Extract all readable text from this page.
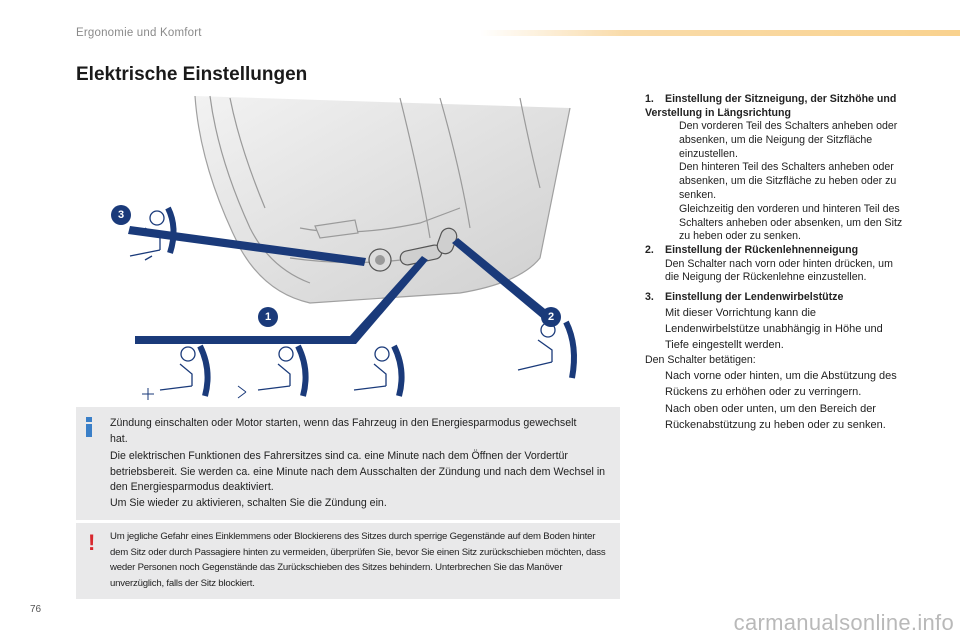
Ergonomie und Komfort
Elektrische Einstellungen
3
1	2
Zündung einschalten oder Motor starten, wenn das Fahrzeug in den Energiesparmodus gewechselt hat.
Die elektrischen Funktionen des Fahrersitzes sind ca. eine Minute nach dem Öffnen der Vordertür betriebsbereit. Sie werden ca. eine Minute nach dem Ausschalten der Zündung und nach dem Wechsel in den Energiesparmodus deaktiviert.
Um Sie wieder zu aktivieren, schalten Sie die Zündung ein.
! Um jegliche Gefahr eines Einklemmens oder Blockierens des Sitzes durch sperrige Gegenstände auf dem Boden hinter dem Sitz oder durch Passagiere hinten zu vermeiden, überprüfen Sie, bevor Sie einen Sitz zurückschieben möchten, dass weder Personen noch Gegenstände das Zurückschieben des Sitzes behindern. Unterbrechen Sie das Manöver unverzüglich, falls der Sitz blockiert.
1. Einstellung der Sitzneigung, der Sitzhöhe und Verstellung in Längsrichtung
Den vorderen Teil des Schalters anheben oder absenken, um die Neigung der Sitzfläche einzustellen.
Den hinteren Teil des Schalters anheben oder absenken, um die Sitzfläche zu heben oder zu senken.
Gleichzeitig den vorderen und hinteren Teil des Schalters anheben oder absenken, um den Sitz zu heben oder zu senken.
2. Einstellung der Rückenlehnenneigung
Den Schalter nach vorn oder hinten drücken, um die Neigung der Rückenlehne einzustellen.
3. Einstellung der Lendenwirbelstütze
Mit dieser Vorrichtung kann die Lendenwirbelstütze unabhängig in Höhe und Tiefe eingestellt werden.
Den Schalter betätigen:
Nach vorne oder hinten, um die Abstützung des Rückens zu erhöhen oder zu verringern.
Nach oben oder unten, um den Bereich der Rückenabstützung zu heben oder zu senken.
76
carmanualsonline.info
